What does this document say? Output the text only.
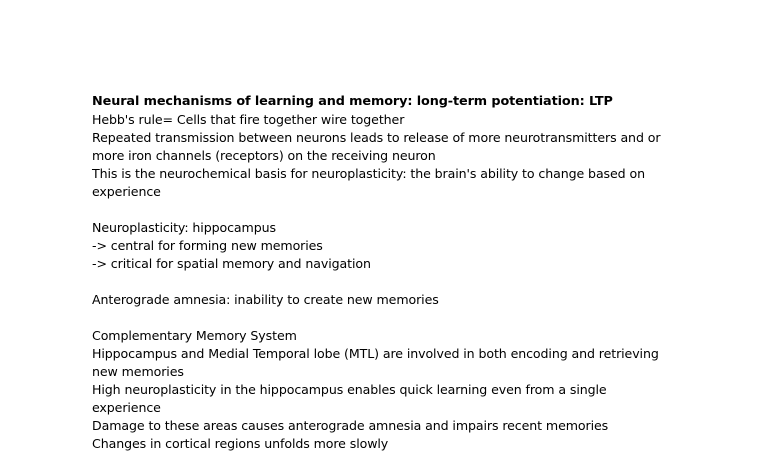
Neural mechanisms of learning and memory: long-term potentiation: LTP

Hebb's rule= Cells that fire together wire together

Repeated transmission between neurons leads to release of more neurotransmitters and or

more iron channels (receptors) on the receiving neuron

This is the neurochemical basis for neuroplasticity: the brain's ability to change based on

experience

Neuroplasticity: hippocampus

-> central for forming new memories

-> critical for spatial memory and navigation

Anterograde amnesia: inability to create new memories

Complementary Memory System

Hippocampus and Medial Temporal lobe (MTL) are involved in both encoding and retrieving

new memories

High neuroplasticity in the hippocampus enables quick learning even from a single

experience

Damage to these areas causes anterograde amnesia and impairs recent memories

Changes in cortical regions unfolds more slowly
